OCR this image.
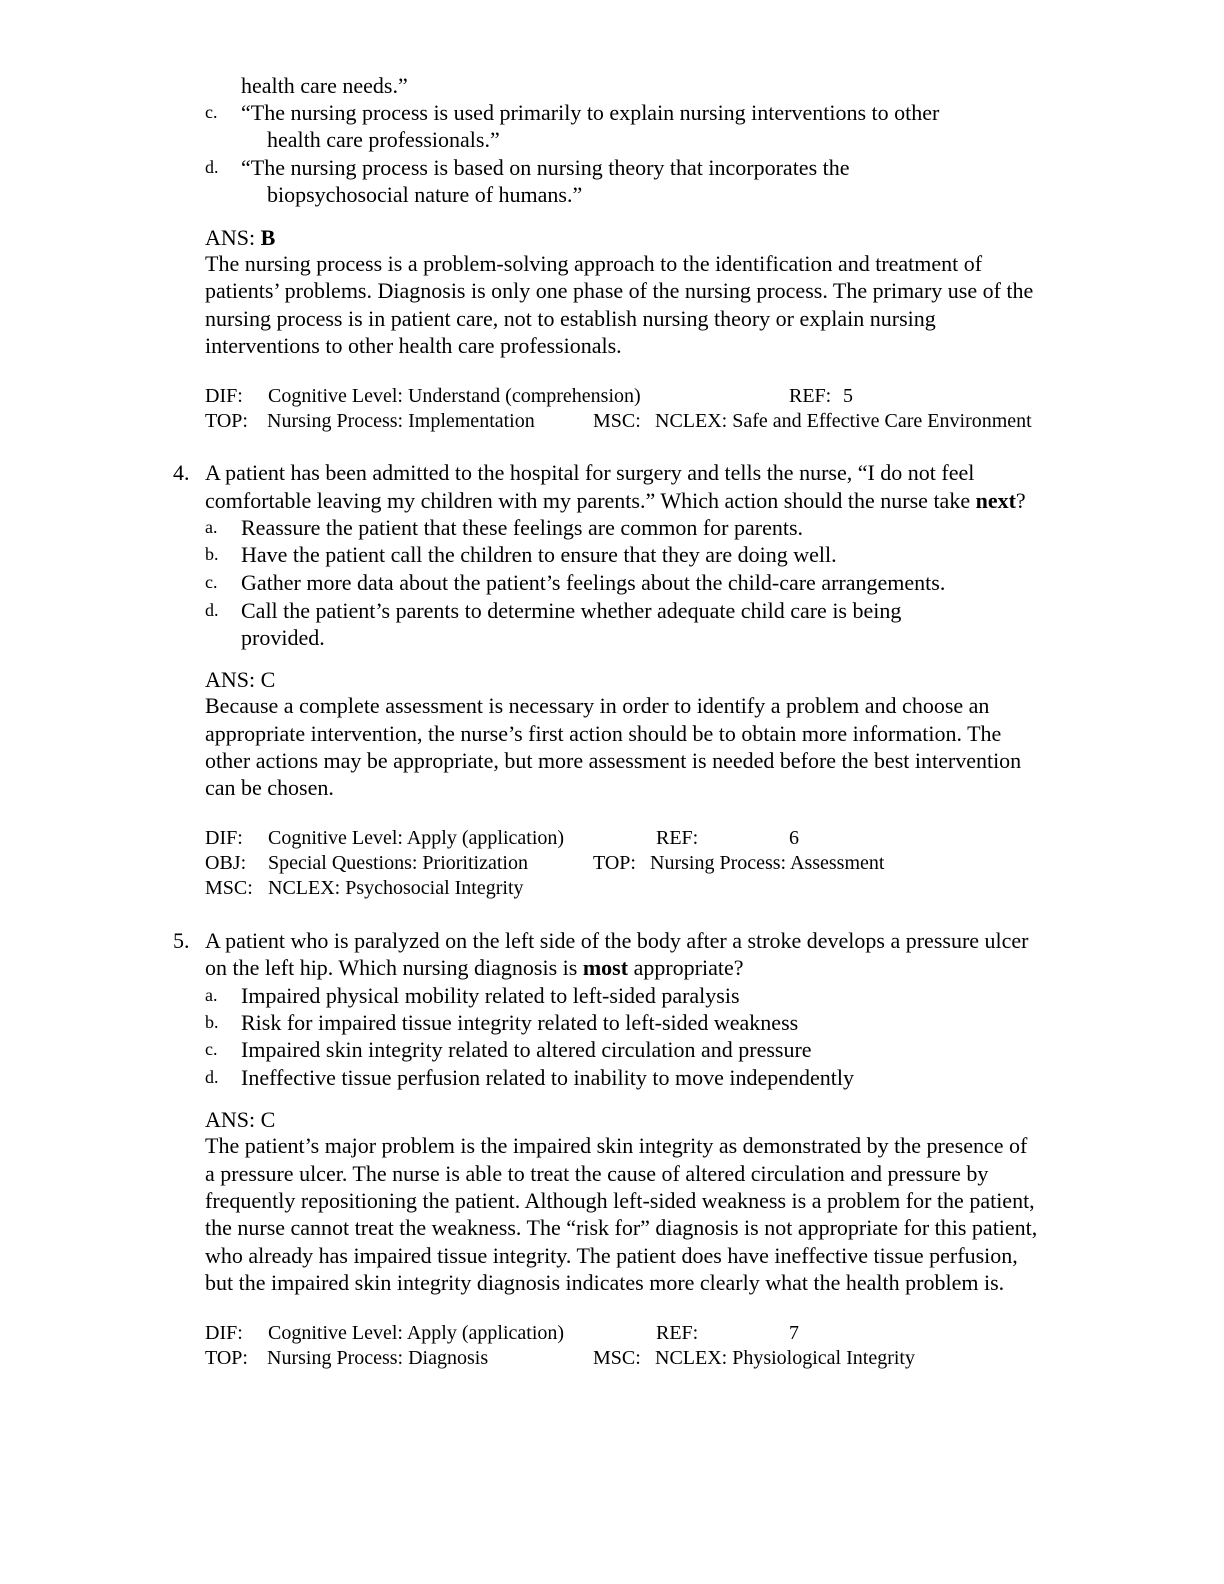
health care needs.”
c. “The nursing process is used primarily to explain nursing interventions to other
health care professionals.”
d. “The nursing process is based on nursing theory that incorporates the
biopsychosocial nature of humans.”
ANS: B
The nursing process is a problem-solving approach to the identification and treatment of
patients’ problems. Diagnosis is only one phase of the nursing process. The primary use of the
nursing process is in patient care, not to establish nursing theory or explain nursing
interventions to other health care professionals.
DIF: Cognitive Level: Understand (comprehension)	REF: 5
TOP: Nursing Process: Implementation	MSC: NCLEX: Safe and Effective Care Environment
4. A patient has been admitted to the hospital for surgery and tells the nurse, “I do not feel
comfortable leaving my children with my parents.” Which action should the nurse take next?
a. Reassure the patient that these feelings are common for parents.
b. Have the patient call the children to ensure that they are doing well.
c. Gather more data about the patient’s feelings about the child-care arrangements.
d. Call the patient’s parents to determine whether adequate child care is being
provided.
ANS: C
Because a complete assessment is necessary in order to identify a problem and choose an
appropriate intervention, the nurse’s first action should be to obtain more information. The
other actions may be appropriate, but more assessment is needed before the best intervention
can be chosen.
DIF: Cognitive Level: Apply (application)	REF:	6
OBJ: Special Questions: Prioritization	TOP: Nursing Process: Assessment
MSC: NCLEX: Psychosocial Integrity
5. A patient who is paralyzed on the left side of the body after a stroke develops a pressure ulcer
on the left hip. Which nursing diagnosis is most appropriate?
a. Impaired physical mobility related to left-sided paralysis
b. Risk for impaired tissue integrity related to left-sided weakness
c. Impaired skin integrity related to altered circulation and pressure
d. Ineffective tissue perfusion related to inability to move independently
ANS: C
The patient’s major problem is the impaired skin integrity as demonstrated by the presence of
a pressure ulcer. The nurse is able to treat the cause of altered circulation and pressure by
frequently repositioning the patient. Although left-sided weakness is a problem for the patient,
the nurse cannot treat the weakness. The “risk for” diagnosis is not appropriate for this patient,
who already has impaired tissue integrity. The patient does have ineffective tissue perfusion,
but the impaired skin integrity diagnosis indicates more clearly what the health problem is.
DIF: Cognitive Level: Apply (application)	REF:	7
TOP: Nursing Process: Diagnosis	MSC: NCLEX: Physiological Integrity
